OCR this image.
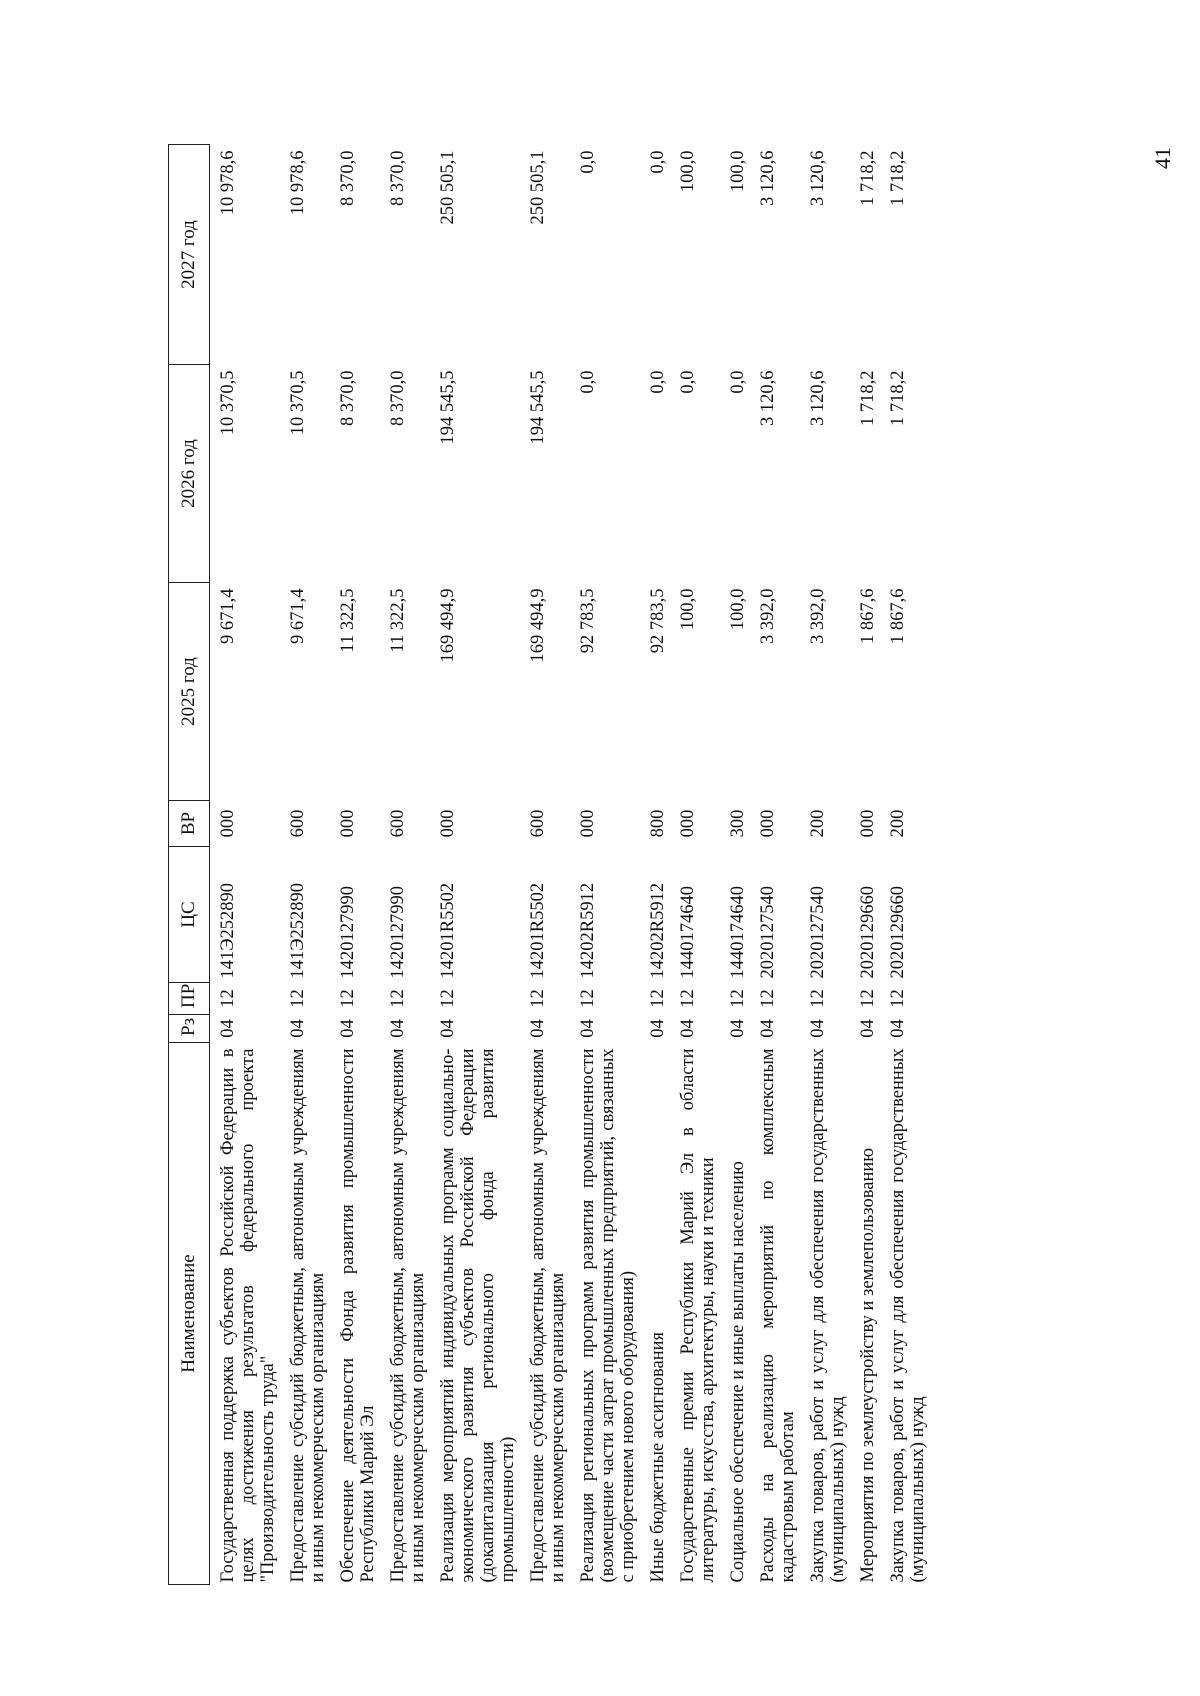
41
Наименование	Рз	ПР	ЦС	ВР	2025 год	2026 год	2027 год
Государственная поддержка субъектов Российской Федерации в целях достижения результатов федерального проекта "Производительность труда"	04	12	141Э252890	000	9 671,4	10 370,5	10 978,6
Предоставление субсидий бюджетным, автономным учреждениям и иным некоммерческим организациям	04	12	141Э252890	600	9 671,4	10 370,5	10 978,6
Обеспечение деятельности Фонда развития промышленности Республики Марий Эл	04	12	1420127990	000	11 322,5	8 370,0	8 370,0
Предоставление субсидий бюджетным, автономным учреждениям и иным некоммерческим организациям	04	12	1420127990	600	11 322,5	8 370,0	8 370,0
Реализация мероприятий индивидуальных программ социально-экономического развития субъектов Российской Федерации (докапитализация регионального фонда развития промышленности)	04	12	14201R5502	000	169 494,9	194 545,5	250 505,1
Предоставление субсидий бюджетным, автономным учреждениям и иным некоммерческим организациям	04	12	14201R5502	600	169 494,9	194 545,5	250 505,1
Реализация региональных программ развития промышленности (возмещение части затрат промышленных предприятий, связанных с приобретением нового оборудования)	04	12	14202R5912	000	92 783,5	0,0	0,0
Иные бюджетные ассигнования	04	12	14202R5912	800	92 783,5	0,0	0,0
Государственные премии Республики Марий Эл в области литературы, искусства, архитектуры, науки и техники	04	12	1440174640	000	100,0	0,0	100,0
Социальное обеспечение и иные выплаты населению	04	12	1440174640	300	100,0	0,0	100,0
Расходы на реализацию мероприятий по комплексным кадастровым работам	04	12	2020127540	000	3 392,0	3 120,6	3 120,6
Закупка товаров, работ и услуг для обеспечения государственных (муниципальных) нужд	04	12	2020127540	200	3 392,0	3 120,6	3 120,6
Мероприятия по землеустройству и землепользованию	04	12	2020129660	000	1 867,6	1 718,2	1 718,2
Закупка товаров, работ и услуг для обеспечения государственных (муниципальных) нужд	04	12	2020129660	200	1 867,6	1 718,2	1 718,2
